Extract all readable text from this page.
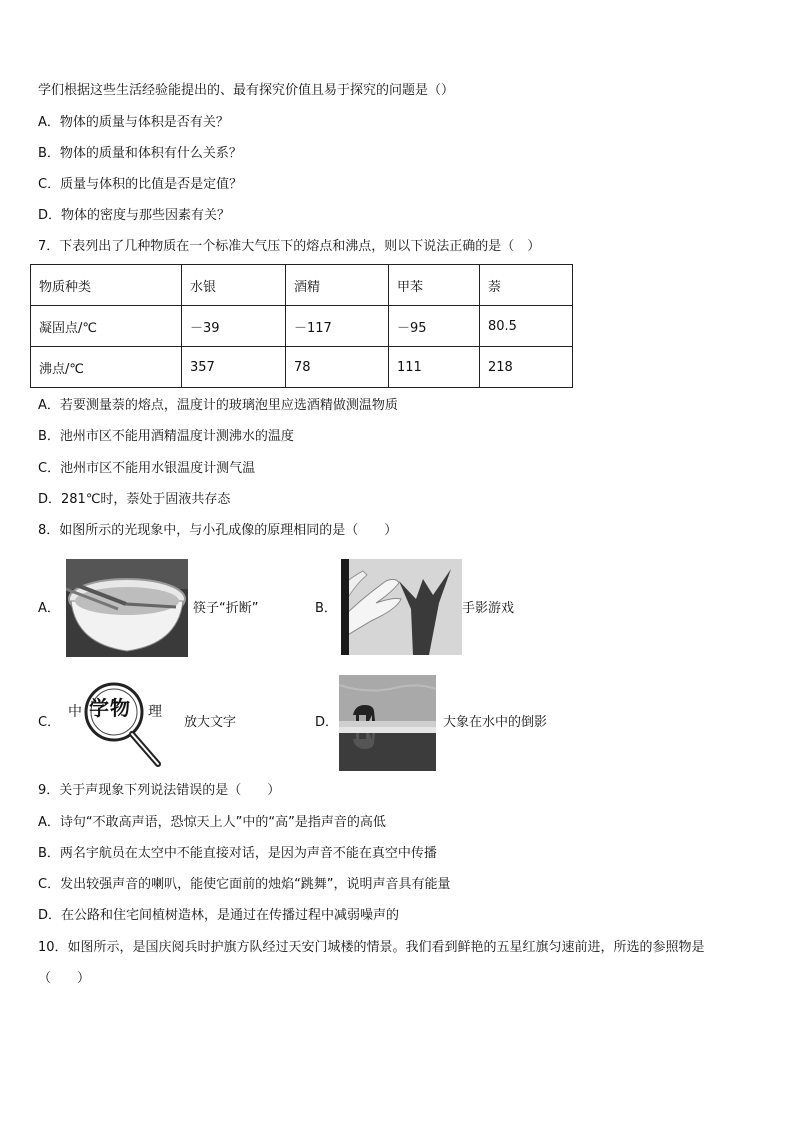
学们根据这些生活经验能提出的、最有探究价值且易于探究的问题是（）
A．物体的质量与体积是否有关？
B．物体的质量和体积有什么关系？
C．质量与体积的比值是否是定值？
D．物体的密度与那些因素有关？
7．下表列出了几种物质在一个标准大气压下的熔点和沸点，则以下说法正确的是（　）
物质种类	水银	酒精	甲苯	萘
凝固点/℃	－39	－117	－95	80.5
沸点/℃	357	78	111	218
A．若要测量萘的熔点，温度计的玻璃泡里应选酒精做测温物质
B．池州市区不能用酒精温度计测沸水的温度
C．池州市区不能用水银温度计测气温
D．281℃时，萘处于固液共存态
8．如图所示的光现象中，与小孔成像的原理相同的是（　　）
A．	筷子“折断”	B．	手影游戏
C．
中 学物 理
放大文字	D．	大象在水中的倒影
9．关于声现象下列说法错误的是（　　）
A．诗句“不敢高声语，恐惊天上人”中的“高”是指声音的高低
B．两名宇航员在太空中不能直接对话，是因为声音不能在真空中传播
C．发出较强声音的喇叭，能使它面前的烛焰“跳舞”，说明声音具有能量
D．在公路和住宅间植树造林，是通过在传播过程中减弱噪声的
10．如图所示，是国庆阅兵时护旗方队经过天安门城楼的情景。我们看到鲜艳的五星红旗匀速前进，所选的参照物是
（　　）
